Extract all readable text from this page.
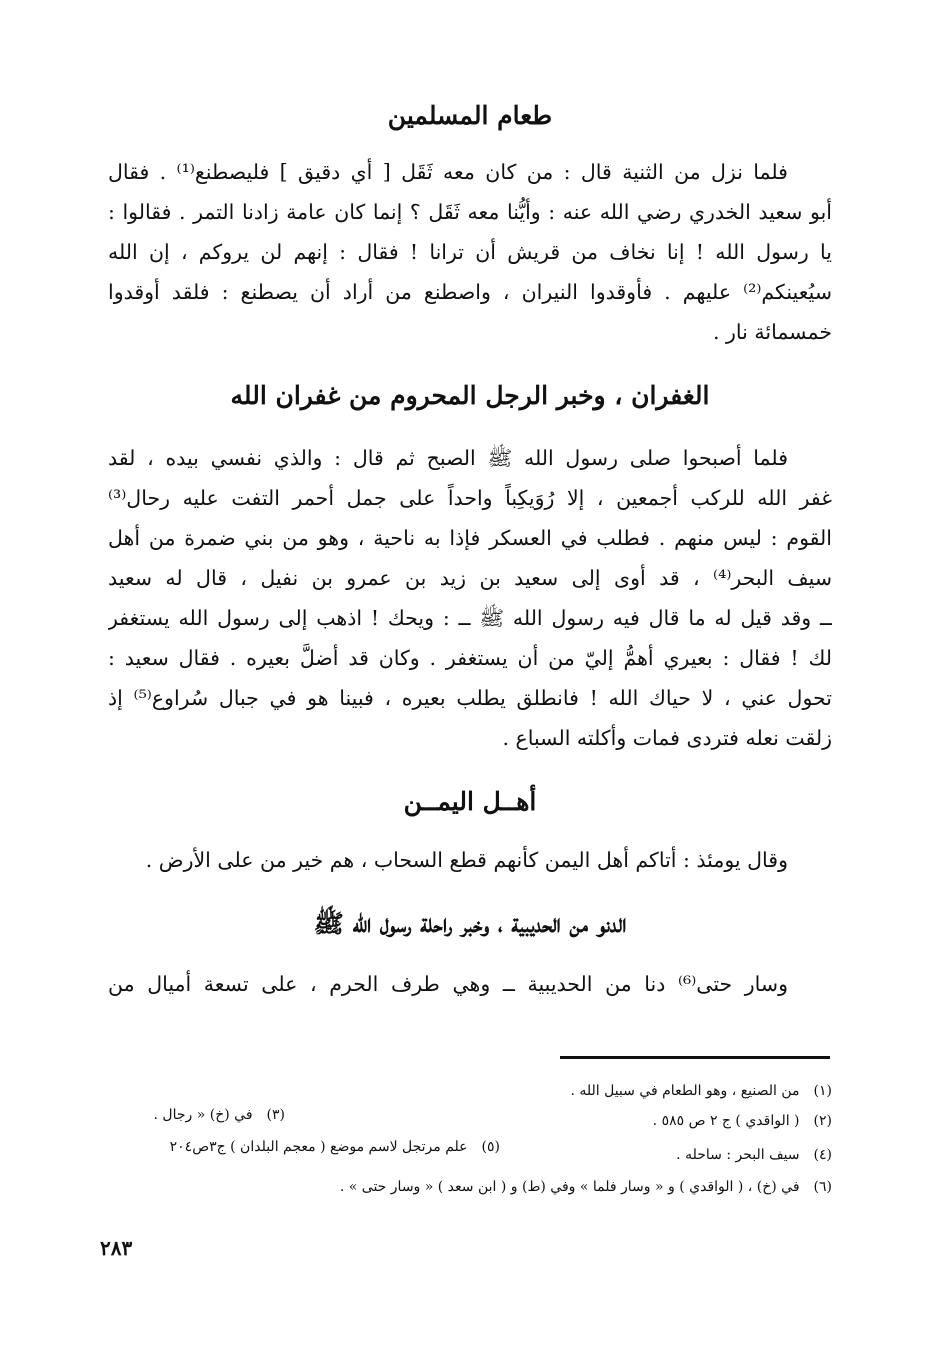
طعام المسلمين
فلما نزل من الثنية قال : من كان معه ثَقَل [ أي دقيق ] فليصطنع⁽¹⁾ . فقال
أبو سعيد الخدري رضي الله عنه : وأيُّنا معه ثَقَل ؟ إنما كان عامة زادنا التمر . فقالوا :
يا رسول الله ! إنا نخاف من قريش أن ترانا ! فقال : إنهم لن يروكم ، إن الله
سيُعينكم⁽²⁾ عليهم . فأوقدوا النيران ، واصطنع من أراد أن يصطنع : فلقد أوقدوا
خمسمائة نار .
الغفران ، وخبر الرجل المحروم من غفران الله
فلما أصبحوا صلى رسول الله ﷺ الصبح ثم قال : والذي نفسي بيده ، لقد
غفر الله للركب أجمعين ، إلا رُوَيكِباً واحداً على جمل أحمر التفت عليه رحال⁽³⁾
القوم : ليس منهم . فطلب في العسكر فإذا به ناحية ، وهو من بني ضمرة من أهل
سيف البحر⁽⁴⁾ ، قد أوى إلى سعيد بن زيد بن عمرو بن نفيل ، قال له سعيد
ــ وقد قيل له ما قال فيه رسول الله ﷺ ــ : ويحك ! اذهب إلى رسول الله يستغفر
لك ! فقال : بعيري أهمُّ إليّ من أن يستغفر . وكان قد أضلَّ بعيره . فقال سعيد :
تحول عني ، لا حياك الله ! فانطلق يطلب بعيره ، فبينا هو في جبال سُراوع⁽⁵⁾ إذ
زلقت نعله فتردى فمات وأكلته السباع .
أهــل اليمــن
وقال يومئذ : أتاكم أهل اليمن كأنهم قطع السحاب ، هم خير من على الأرض .
الدنو من الحديبية ، وخبر راحلة رسول الله ﷺ
وسار حتى⁽⁶⁾ دنا من الحديبية ــ وهي طرف الحرم ، على تسعة أميال من
(١)من الصنيع ، وهو الطعام في سبيل الله .
(٢)( الواقدي ) ج ٢ ص ٥٨٥ .
(٣)في (خ) « رجال .
(٤)سيف البحر : ساحله .
(٥)علم مرتجل لاسم موضع ( معجم البلدان ) ج٣ص٢٠٤
(٦)في (خ) ، ( الواقدي ) و « وسار فلما » وفي (ط) و ( ابن سعد ) « وسار حتى » .
٢٨٣
